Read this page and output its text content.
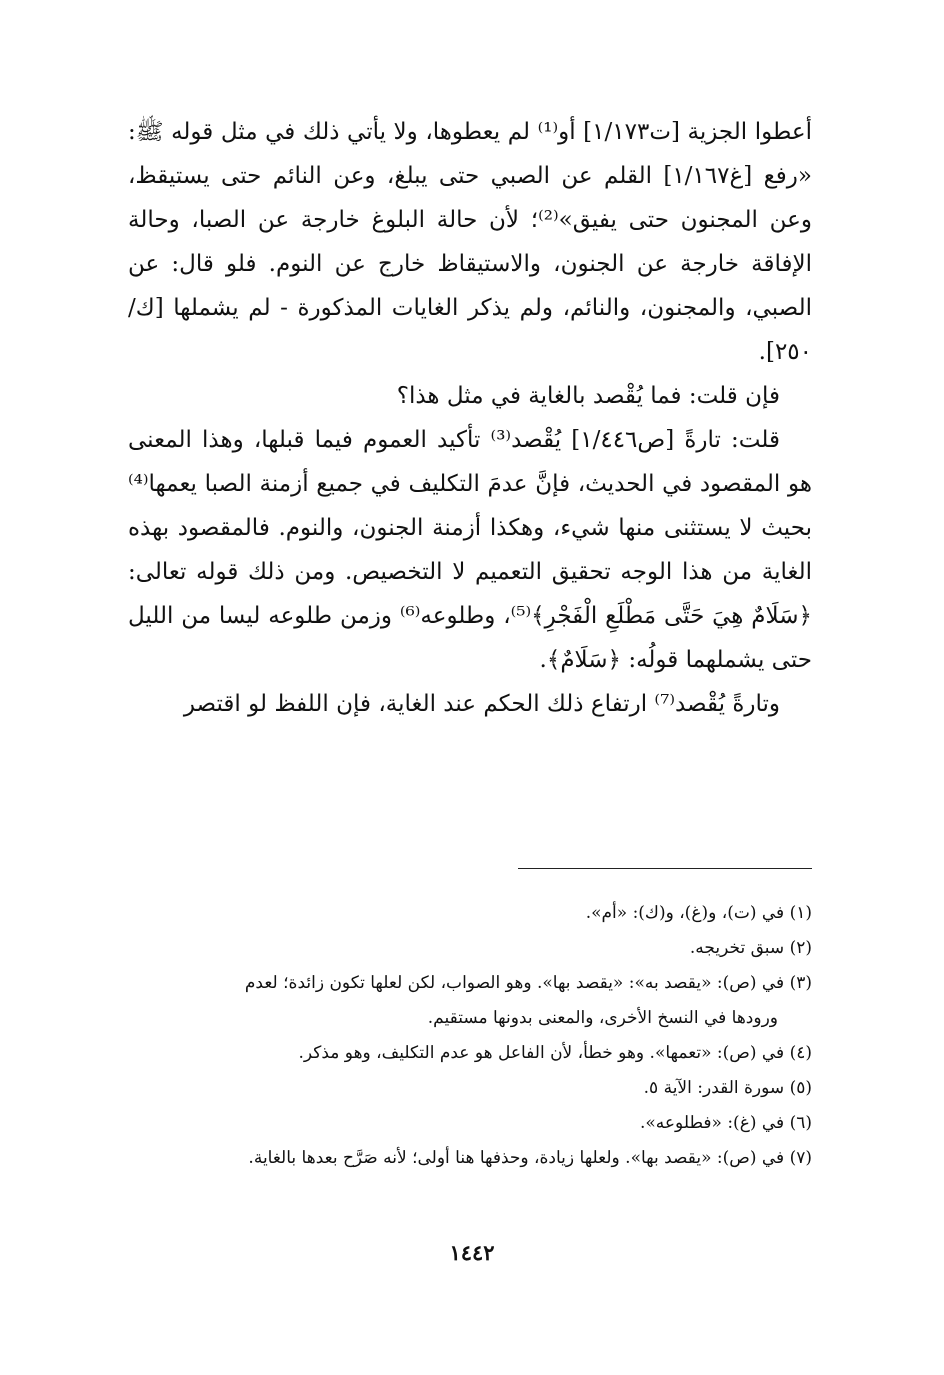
أعطوا الجزية [ت١/١٧٣] أو⁽¹⁾ لم يعطوها، ولا يأتي ذلك في مثل قوله ﷺ: «رفع [غ١/١٦٧] القلم عن الصبي حتى يبلغ، وعن النائم حتى يستيقظ، وعن المجنون حتى يفيق»⁽²⁾؛ لأن حالة البلوغ خارجة عن الصبا، وحالة الإفاقة خارجة عن الجنون، والاستيقاظ خارج عن النوم. فلو قال: عن الصبي، والمجنون، والنائم، ولم يذكر الغايات المذكورة - لم يشملها [ك/٢٥٠].

فإن قلت: فما يُقْصد بالغاية في مثل هذا؟

قلت: تارةً [ص١/٤٤٦] يُقْصد⁽³⁾ تأكيد العموم فيما قبلها، وهذا المعنى هو المقصود في الحديث، فإنَّ عدمَ التكليف في جميع أزمنة الصبا يعمها⁽⁴⁾ بحيث لا يستثنى منها شيء، وهكذا أزمنة الجنون، والنوم. فالمقصود بهذه الغاية من هذا الوجه تحقيق التعميم لا التخصيص. ومن ذلك قوله تعالى: ﴿سَلَامٌ هِيَ حَتَّى مَطْلَعِ الْفَجْرِ﴾⁽⁵⁾، وطلوعه⁽⁶⁾ وزمن طلوعه ليسا من الليل حتى يشملهما قولُه: ﴿سَلَامٌ﴾.

وتارةً يُقْصد⁽⁷⁾ ارتفاع ذلك الحكم عند الغاية، فإن اللفظ لو اقتصر

(١) في (ت)، و(غ)، و(ك): «أم».

(٢) سبق تخريجه.

(٣) في (ص): «يقصد به»: «يقصد بها». وهو الصواب، لكن لعلها تكون زائدة؛ لعدم
ورودها في النسخ الأخرى، والمعنى بدونها مستقيم.

(٤) في (ص): «تعمها». وهو خطأ، لأن الفاعل هو عدم التكليف، وهو مذكر.

(٥) سورة القدر: الآية ٥.

(٦) في (غ): «فطلوعه».

(٧) في (ص): «يقصد بها». ولعلها زيادة، وحذفها هنا أولى؛ لأنه صَرَّح بعدها بالغاية.

١٤٤٢
